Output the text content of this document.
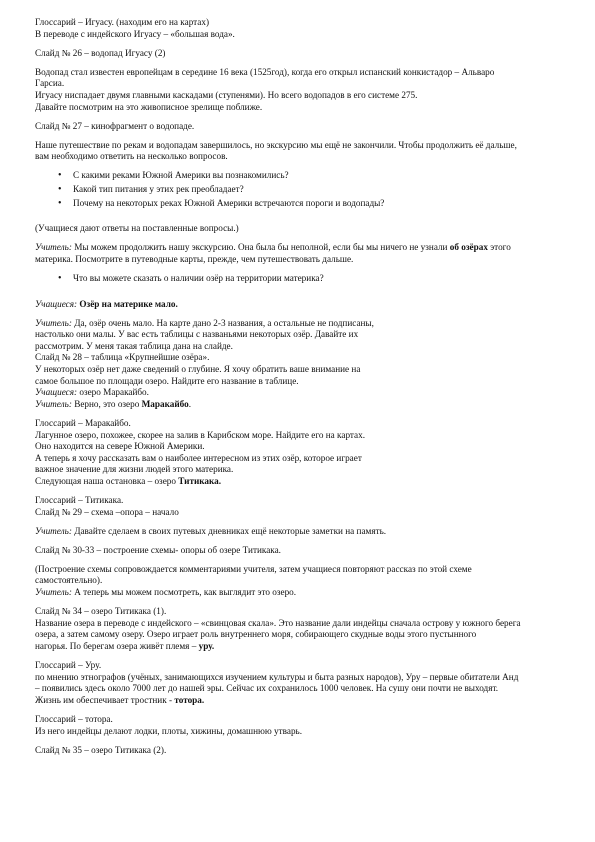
Глоссарий – Игуасу. (находим его на картах)
В переводе с индейского Игуасу – «большая вода».

Слайд № 26 – водопад Игуасу (2)

Водопад стал известен европейцам в середине 16 века (1525год), когда его открыл испанский конкистадор – Альваро
Гарсиа.
Игуасу ниспадает двумя главными каскадами (ступенями). Но всего водопадов в его системе 275.
Давайте посмотрим на это живописное зрелище поближе.

Слайд № 27 – кинофрагмент о водопаде.

Наше путешествие по рекам и водопадам завершилось, но экскурсию мы ещё не закончили. Чтобы продолжить её дальше,
вам необходимо ответить на несколько вопросов.

• С какими реками Южной Америки вы познакомились?
• Какой тип питания у этих рек преобладает?
• Почему на некоторых реках Южной Америки встречаются пороги и водопады?

(Учащиеся дают ответы на поставленные вопросы.)

Учитель: Мы можем продолжить нашу экскурсию. Она была бы неполной, если бы мы ничего не узнали об озёрах этого
материка. Посмотрите в путеводные карты, прежде, чем путешествовать дальше.

• Что вы можете сказать о наличии озёр на территории материка?

Учащиеся: Озёр на материке мало.

Учитель: Да, озёр очень мало. На карте дано 2-3 названия, а остальные не подписаны,
настолько они малы. У вас есть таблицы с названьями некоторых озёр. Давайте их
рассмотрим. У меня такая таблица дана на слайде.
Слайд № 28 – таблица «Крупнейшие озёра».
У некоторых озёр нет даже сведений о глубине. Я хочу обратить ваше внимание на
самое большое по площади озеро. Найдите его название в таблице.
Учащиеся: озеро Маракайбо.
Учитель: Верно, это озеро Маракайбо.

Глоссарий – Маракайбо.
Лагунное озеро, похожее, скорее на залив в Карибском море. Найдите его на картах.
Оно находится на севере Южной Америки.
А теперь я хочу рассказать вам о наиболее интересном из этих озёр, которое играет
важное значение для жизни людей этого материка.
Следующая наша остановка – озеро Титикака.

Глоссарий – Титикака.
Слайд № 29 – схема –опора – начало

Учитель: Давайте сделаем в своих путевых дневниках ещё некоторые заметки на память.

Слайд № 30-33 – построение схемы- опоры об озере Титикака.

(Построение схемы сопровождается комментариями учителя, затем учащиеся повторяют рассказ по этой схеме
самостоятельно).
Учитель: А теперь мы можем посмотреть, как выглядит это озеро.

Слайд № 34 – озеро Титикака (1).
Название озера в переводе с индейского – «свинцовая скала». Это название дали индейцы сначала острову у южного берега
озера, а затем самому озеру. Озеро играет роль внутреннего моря, собирающего скудные воды этого пустынного
нагорья. По берегам озера живёт племя – уру.

Глоссарий – Уру.
по мнению этнографов (учёных, занимающихся изучением культуры и быта разных народов), Уру – первые обитатели Анд
– появились здесь около 7000 лет до нашей эры. Сейчас их сохранилось 1000 человек. На сушу они почти не выходят.
Жизнь им обеспечивает тростник - тотора.

Глоссарий – тотора.
Из него индейцы делают лодки, плоты, хижины, домашнюю утварь.

Слайд № 35 – озеро Титикака (2).
